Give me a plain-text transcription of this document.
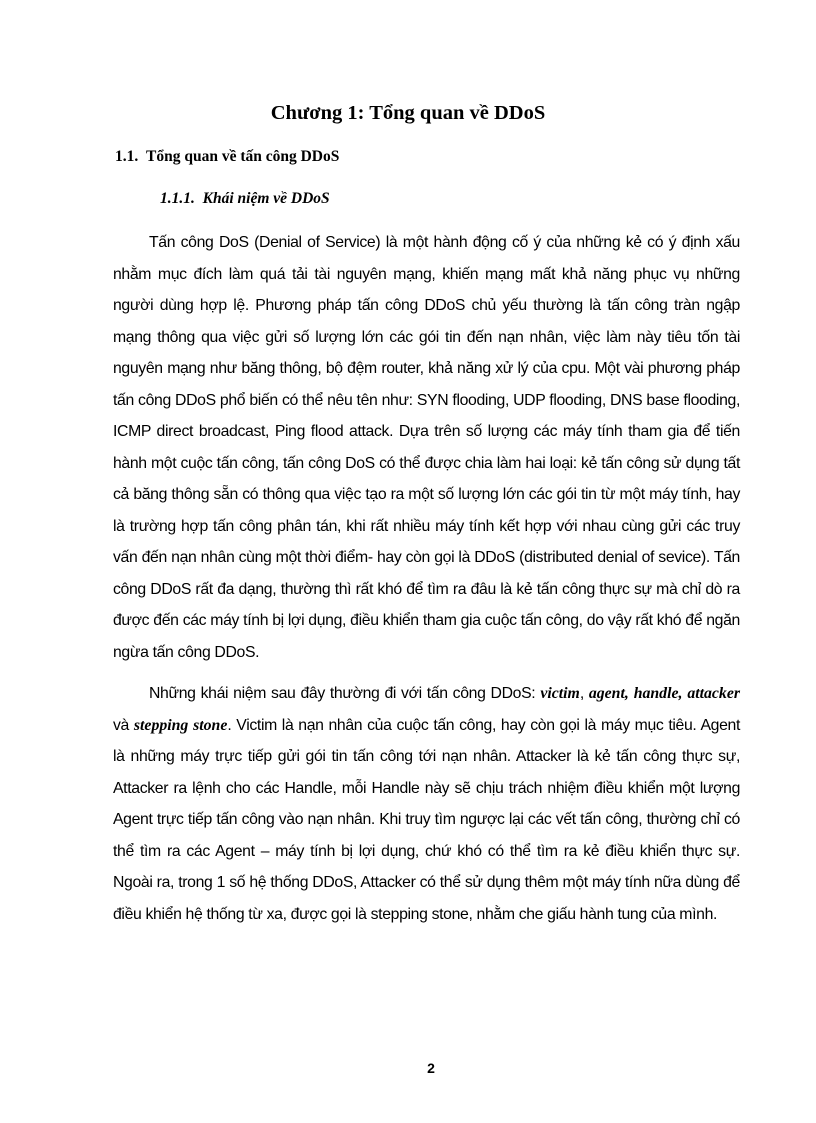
Chương 1: Tổng quan về DDoS
1.1. Tổng quan về tấn công DDoS
1.1.1. Khái niệm về DDoS

Tấn công DoS (Denial of Service) là một hành động cố ý của những kẻ có ý định xấu nhằm mục đích làm quá tải tài nguyên mạng, khiến mạng mất khả năng phục vụ những người dùng hợp lệ. Phương pháp tấn công DDoS chủ yếu thường là tấn công tràn ngập mạng thông qua việc gửi số lượng lớn các gói tin đến nạn nhân, việc làm này tiêu tốn tài nguyên mạng như băng thông, bộ đệm router, khả năng xử lý của cpu. Một vài phương pháp tấn công DDoS phổ biến có thể nêu tên như: SYN flooding, UDP flooding, DNS base flooding, ICMP direct broadcast, Ping flood attack. Dựa trên số lượng các máy tính tham gia để tiến hành một cuộc tấn công, tấn công DoS có thể được chia làm hai loại: kẻ tấn công sử dụng tất cả băng thông sẵn có thông qua việc tạo ra một số lượng lớn các gói tin từ một máy tính, hay là trường hợp tấn công phân tán, khi rất nhiều máy tính kết hợp với nhau cùng gửi các truy vấn đến nạn nhân cùng một thời điểm- hay còn gọi là DDoS (distributed denial of sevice). Tấn công DDoS rất đa dạng, thường thì rất khó để tìm ra đâu là kẻ tấn công thực sự mà chỉ dò ra được đến các máy tính bị lợi dụng, điều khiển tham gia cuộc tấn công, do vậy rất khó để ngăn ngừa tấn công DDoS.

Những khái niệm sau đây thường đi với tấn công DDoS: victim, agent, handle, attacker và stepping stone. Victim là nạn nhân của cuộc tấn công, hay còn gọi là máy mục tiêu. Agent là những máy trực tiếp gửi gói tin tấn công tới nạn nhân. Attacker là kẻ tấn công thực sự, Attacker ra lệnh cho các Handle, mỗi Handle này sẽ chịu trách nhiệm điều khiển một lượng Agent trực tiếp tấn công vào nạn nhân. Khi truy tìm ngược lại các vết tấn công, thường chỉ có thể tìm ra các Agent – máy tính bị lợi dụng, chứ khó có thể tìm ra kẻ điều khiển thực sự. Ngoài ra, trong 1 số hệ thống DDoS, Attacker có thể sử dụng thêm một máy tính nữa dùng để điều khiển hệ thống từ xa, được gọi là stepping stone, nhằm che giấu hành tung của mình.

2
